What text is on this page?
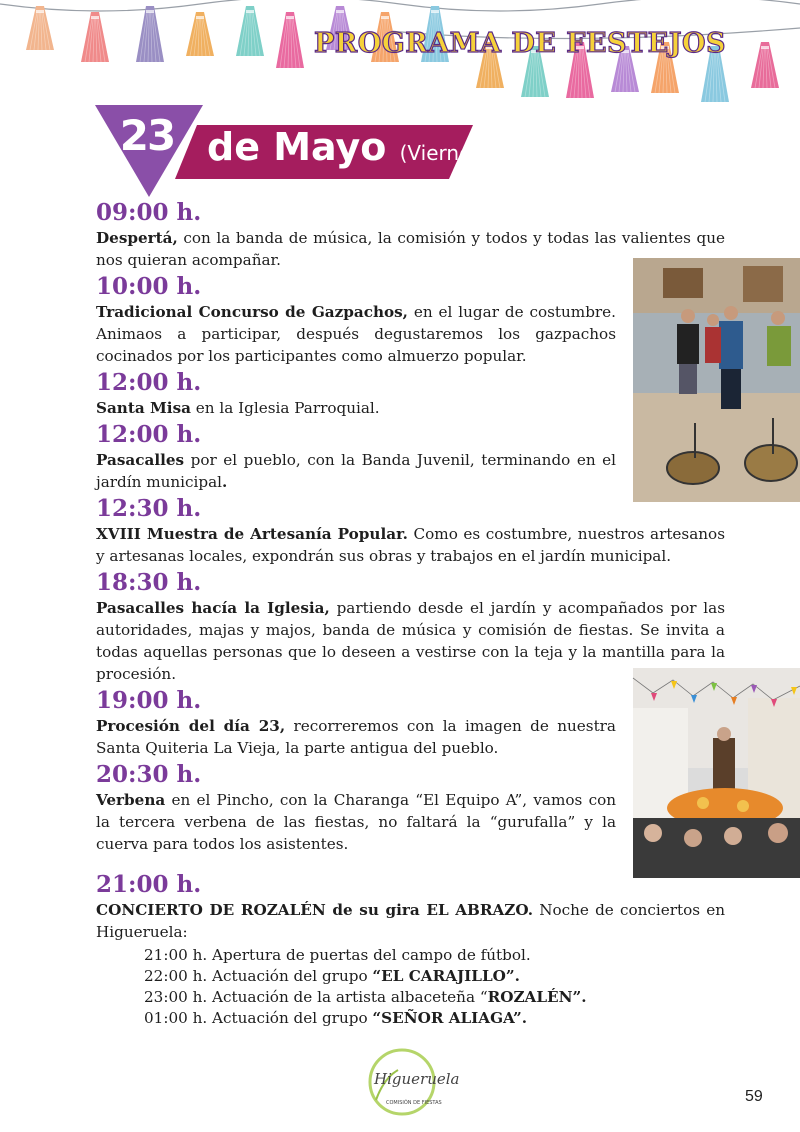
PROGRAMA DE FESTEJOS
23 de Mayo (Viernes)
09:00 h.

Despertá, con la banda de música, la comisión y todos y todas las valientes que nos quieran acompañar.

10:00 h.

Tradicional Concurso de Gazpachos, en el lugar de costumbre. Animaos a participar, después degustaremos los gazpachos cocinados por los participantes como almuerzo popular.

12:00 h.

Santa Misa en la Iglesia Parroquial.

12:00 h.

Pasacalles por el pueblo, con la Banda Juvenil, terminando en el jardín municipal.

12:30 h.

XVIII Muestra de Artesanía Popular. Como es costumbre, nuestros artesanos y artesanas locales, expondrán sus obras y trabajos en el jardín municipal.

18:30 h.

Pasacalles hacía la Iglesia, partiendo desde el jardín y acompañados por las autoridades, majas y majos, banda de música y comisión de fiestas. Se invita a todas aquellas personas que lo deseen a vestirse con la teja y la mantilla para la procesión.

19:00 h.

Procesión del día 23, recorreremos con la imagen de nuestra Santa Quiteria La Vieja, la parte antigua del pueblo.

20:30 h.

Verbena en el Pincho, con la Charanga “El Equipo A”, vamos con la tercera verbena de las fiestas, no faltará la “gurufalla” y la cuerva para todos los asistentes.

21:00 h.

CONCIERTO DE ROZALÉN de su gira EL ABRAZO. Noche de conciertos en Higueruela:

21:00 h. Apertura de puertas del campo de fútbol.
22:00 h. Actuación del grupo “EL CARAJILLO”.
23:00 h. Actuación de la artista albaceteña “ROZALÉN”.
01:00 h. Actuación del grupo “SEÑOR ALIAGA”.
Higueruela
COMISIÓN DE FIESTAS	59
